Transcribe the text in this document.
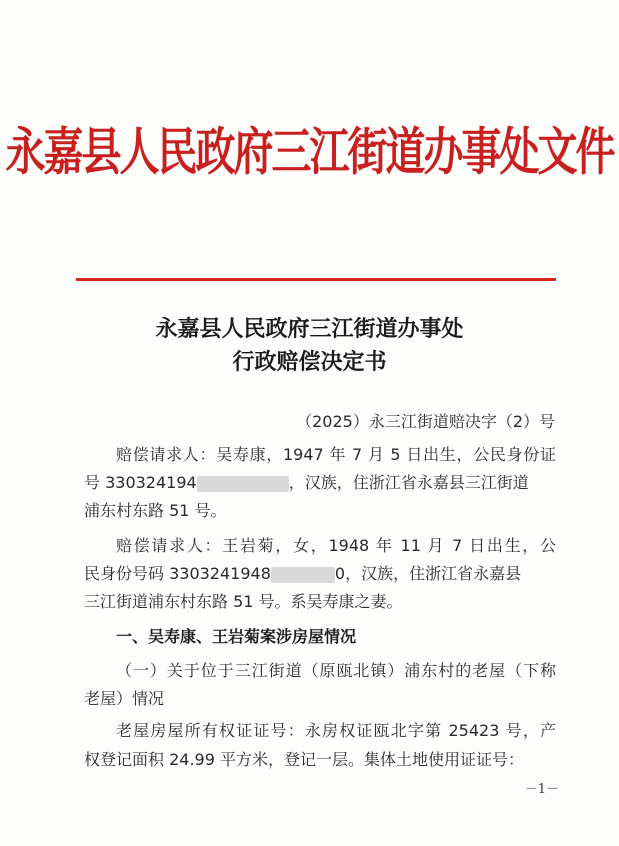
永嘉县人民政府三江街道办事处文件
永嘉县人民政府三江街道办事处
行政赔偿决定书
（2025）永三江街道赔决字（2）号
赔偿请求人：吴寿康，1947 年 7 月 5 日出生，公民身份证
号 330324194	，汉族，住浙江省永嘉县三江街道
浦东村东路 51 号。
赔偿请求人：王岩菊，女，1948 年 11 月 7 日出生，公
民身份号码 3303241948	0，汉族，住浙江省永嘉县
三江街道浦东村东路 51 号。系吴寿康之妻。
一、吴寿康、王岩菊案涉房屋情况
（一）关于位于三江街道（原瓯北镇）浦东村的老屋（下称
老屋）情况
老屋房屋所有权证证号：永房权证瓯北字第 25423 号，产
权登记面积 24.99 平方米，登记一层。集体土地使用证证号：
－1－
